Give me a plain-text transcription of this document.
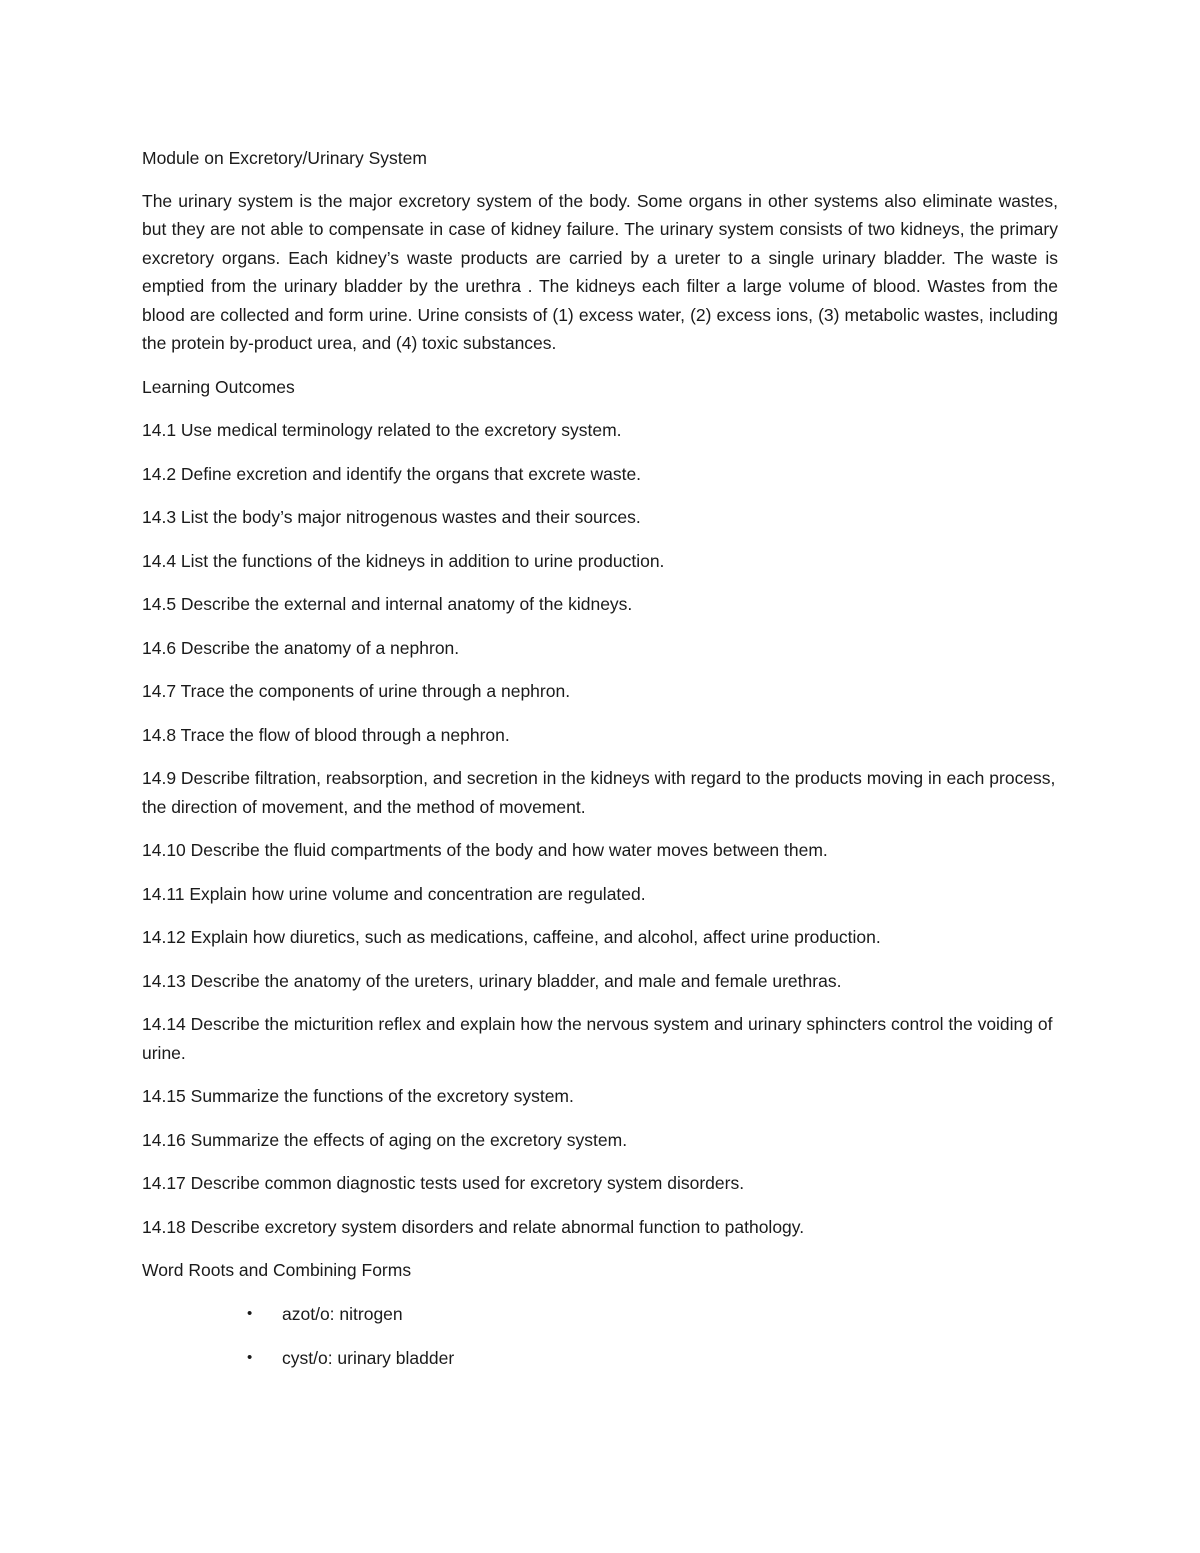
Module on Excretory/Urinary System

The urinary system is the major excretory system of the body. Some organs in other systems also eliminate wastes, but they are not able to compensate in case of kidney failure. The urinary system consists of two kidneys, the primary excretory organs. Each kidney’s waste products are carried by a ureter to a single urinary bladder. The waste is emptied from the urinary bladder by the urethra . The kidneys each filter a large volume of blood. Wastes from the blood are collected and form urine. Urine consists of (1) excess water, (2) excess ions, (3) metabolic wastes, including the protein by-product urea, and (4) toxic substances.

Learning Outcomes

14.1 Use medical terminology related to the excretory system.
14.2 Define excretion and identify the organs that excrete waste.
14.3 List the body’s major nitrogenous wastes and their sources.
14.4 List the functions of the kidneys in addition to urine production.
14.5 Describe the external and internal anatomy of the kidneys.
14.6 Describe the anatomy of a nephron.
14.7 Trace the components of urine through a nephron.
14.8 Trace the flow of blood through a nephron.
14.9 Describe filtration, reabsorption, and secretion in the kidneys with regard to the products moving in each process, the direction of movement, and the method of movement.
14.10 Describe the fluid compartments of the body and how water moves between them.
14.11 Explain how urine volume and concentration are regulated.
14.12 Explain how diuretics, such as medications, caffeine, and alcohol, affect urine production.
14.13 Describe the anatomy of the ureters, urinary bladder, and male and female urethras.
14.14 Describe the micturition reflex and explain how the nervous system and urinary sphincters control the voiding of urine.
14.15 Summarize the functions of the excretory system.
14.16 Summarize the effects of aging on the excretory system.
14.17 Describe common diagnostic tests used for excretory system disorders.
14.18 Describe excretory system disorders and relate abnormal function to pathology.

Word Roots and Combining Forms

• azot/o: nitrogen
• cyst/o: urinary bladder
